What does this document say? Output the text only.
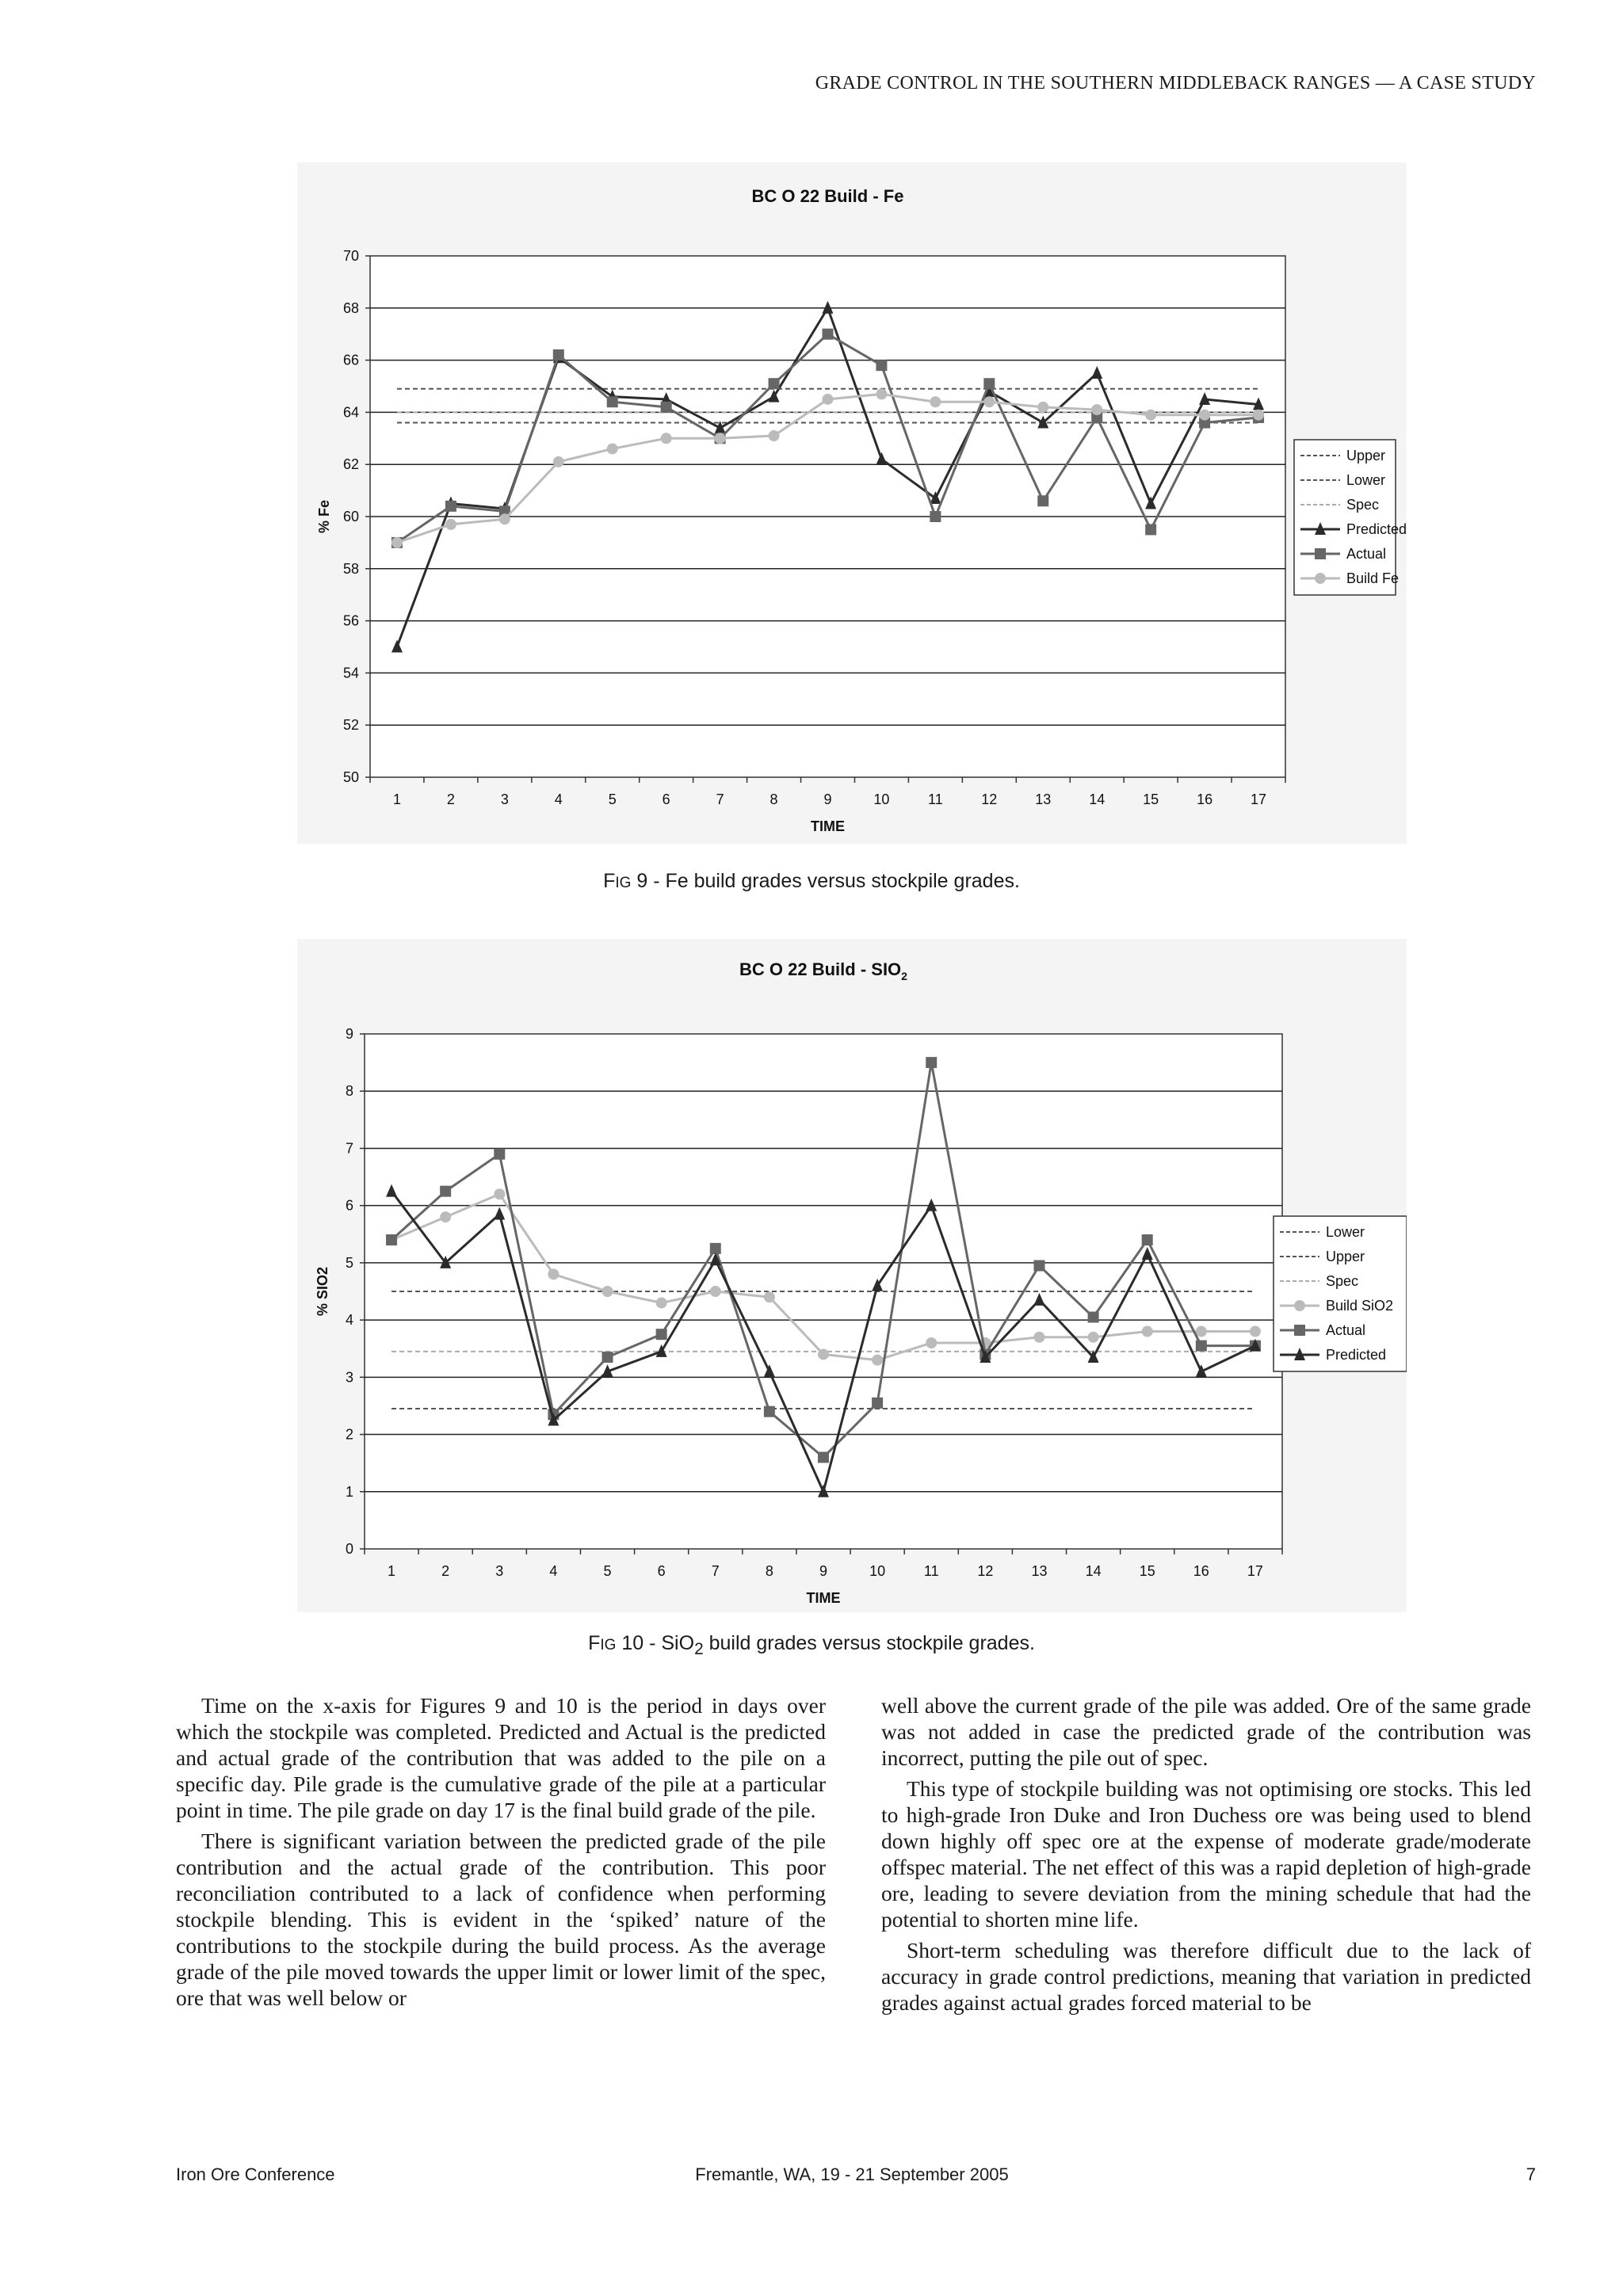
GRADE CONTROL IN THE SOUTHERN MIDDLEBACK RANGES — A CASE STUDY
BC O 22 Build - Fe
50
52
54
56
58
60
62
64
66
68
70
1	2	3	4	5	6	7	8	9	10	11	12	13	14	15	16	17
TIME
% Fe
Upper
Lower
Spec
Predicted
Actual
Build Fe
FIG 9 - Fe build grades versus stockpile grades.
BC O 22 Build - $SIO_2$
0
1
2
3
4
5
6
7
8
9
1	2	3	4	5	6	7	8	9	10	11	12	13	14	15	16	17
TIME
% SIO2
Lower
Upper
Spec
Build SiO2
Actual
Predicted
FIG 10 - SiO$_2$ build grades versus stockpile grades.

Time on the x-axis for Figures 9 and 10 is the period in days over which the stockpile was completed. Predicted and Actual is the predicted and actual grade of the contribution that was added to the pile on a specific day. Pile grade is the cumulative grade of the pile at a particular point in time. The pile grade on day 17 is the final build grade of the pile.

There is significant variation between the predicted grade of the pile contribution and the actual grade of the contribution. This poor reconciliation contributed to a lack of confidence when performing stockpile blending. This is evident in the ‘spiked’ nature of the contributions to the stockpile during the build process. As the average grade of the pile moved towards the upper limit or lower limit of the spec, ore that was well below or

well above the current grade of the pile was added. Ore of the same grade was not added in case the predicted grade of the contribution was incorrect, putting the pile out of spec.

This type of stockpile building was not optimising ore stocks. This led to high-grade Iron Duke and Iron Duchess ore was being used to blend down highly off spec ore at the expense of moderate grade/moderate offspec material. The net effect of this was a rapid depletion of high-grade ore, leading to severe deviation from the mining schedule that had the potential to shorten mine life.

Short-term scheduling was therefore difficult due to the lack of accuracy in grade control predictions, meaning that variation in predicted grades against actual grades forced material to be

Iron Ore Conference	Fremantle, WA, 19 - 21 September 2005	7
